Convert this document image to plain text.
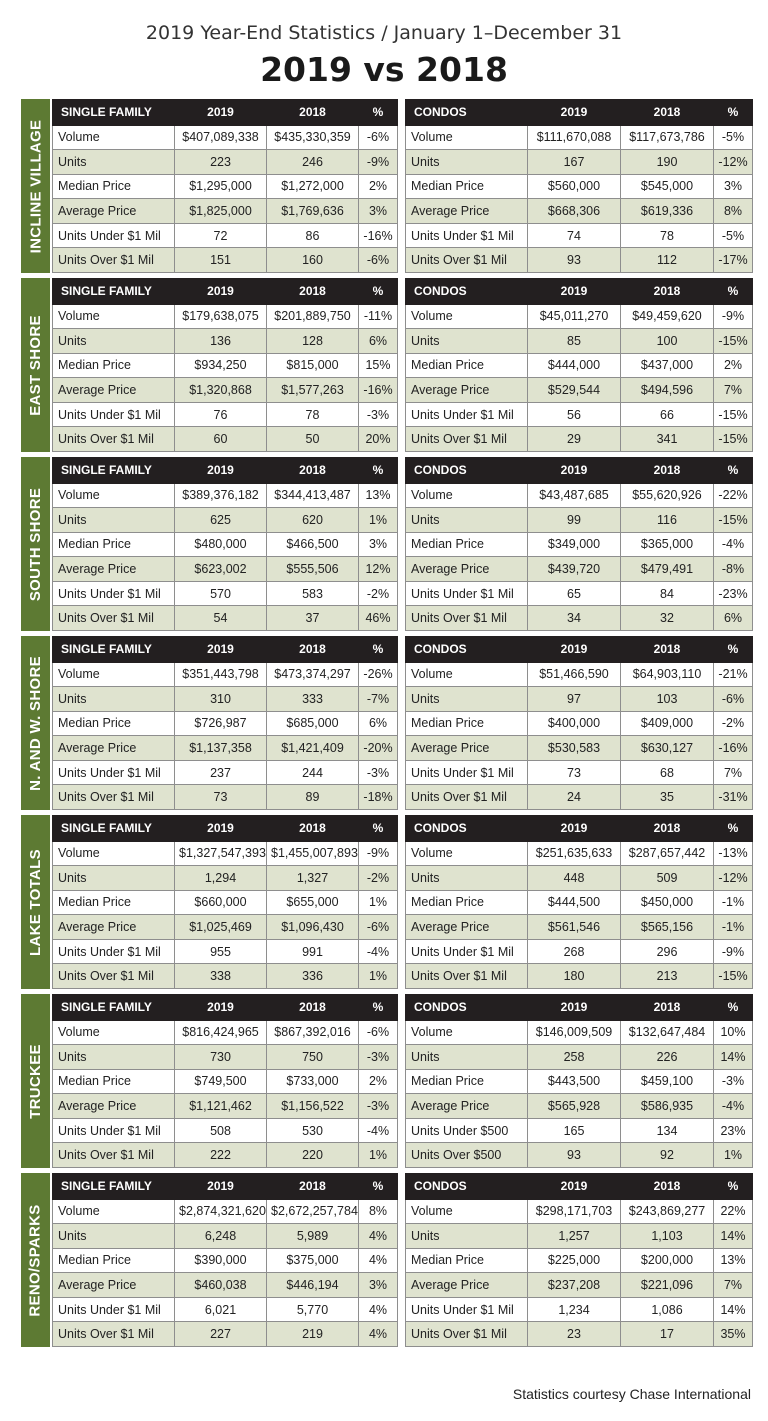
2019 Year-End Statistics / January 1–December 31
2019 vs 2018
INCLINE VILLAGE
SINGLE FAMILY	2019	2018	%
Volume	$407,089,338	$435,330,359	-6%
Units	223	246	-9%
Median Price	$1,295,000	$1,272,000	2%
Average Price	$1,825,000	$1,769,636	3%
Units Under $1 Mil	72	86	-16%
Units Over $1 Mil	151	160	-6%
CONDOS	2019	2018	%
Volume	$111,670,088	$117,673,786	-5%
Units	167	190	-12%
Median Price	$560,000	$545,000	3%
Average Price	$668,306	$619,336	8%
Units Under $1 Mil	74	78	-5%
Units Over $1 Mil	93	112	-17%
EAST SHORE
SINGLE FAMILY	2019	2018	%
Volume	$179,638,075	$201,889,750	-11%
Units	136	128	6%
Median Price	$934,250	$815,000	15%
Average Price	$1,320,868	$1,577,263	-16%
Units Under $1 Mil	76	78	-3%
Units Over $1 Mil	60	50	20%
CONDOS	2019	2018	%
Volume	$45,011,270	$49,459,620	-9%
Units	85	100	-15%
Median Price	$444,000	$437,000	2%
Average Price	$529,544	$494,596	7%
Units Under $1 Mil	56	66	-15%
Units Over $1 Mil	29	341	-15%
SOUTH SHORE
SINGLE FAMILY	2019	2018	%
Volume	$389,376,182	$344,413,487	13%
Units	625	620	1%
Median Price	$480,000	$466,500	3%
Average Price	$623,002	$555,506	12%
Units Under $1 Mil	570	583	-2%
Units Over $1 Mil	54	37	46%
CONDOS	2019	2018	%
Volume	$43,487,685	$55,620,926	-22%
Units	99	116	-15%
Median Price	$349,000	$365,000	-4%
Average Price	$439,720	$479,491	-8%
Units Under $1 Mil	65	84	-23%
Units Over $1 Mil	34	32	6%
N. AND W. SHORE
SINGLE FAMILY	2019	2018	%
Volume	$351,443,798	$473,374,297	-26%
Units	310	333	-7%
Median Price	$726,987	$685,000	6%
Average Price	$1,137,358	$1,421,409	-20%
Units Under $1 Mil	237	244	-3%
Units Over $1 Mil	73	89	-18%
CONDOS	2019	2018	%
Volume	$51,466,590	$64,903,110	-21%
Units	97	103	-6%
Median Price	$400,000	$409,000	-2%
Average Price	$530,583	$630,127	-16%
Units Under $1 Mil	73	68	7%
Units Over $1 Mil	24	35	-31%
LAKE TOTALS
SINGLE FAMILY	2019	2018	%
Volume	$1,327,547,393	$1,455,007,893	-9%
Units	1,294	1,327	-2%
Median Price	$660,000	$655,000	1%
Average Price	$1,025,469	$1,096,430	-6%
Units Under $1 Mil	955	991	-4%
Units Over $1 Mil	338	336	1%
CONDOS	2019	2018	%
Volume	$251,635,633	$287,657,442	-13%
Units	448	509	-12%
Median Price	$444,500	$450,000	-1%
Average Price	$561,546	$565,156	-1%
Units Under $1 Mil	268	296	-9%
Units Over $1 Mil	180	213	-15%
TRUCKEE
SINGLE FAMILY	2019	2018	%
Volume	$816,424,965	$867,392,016	-6%
Units	730	750	-3%
Median Price	$749,500	$733,000	2%
Average Price	$1,121,462	$1,156,522	-3%
Units Under $1 Mil	508	530	-4%
Units Over $1 Mil	222	220	1%
CONDOS	2019	2018	%
Volume	$146,009,509	$132,647,484	10%
Units	258	226	14%
Median Price	$443,500	$459,100	-3%
Average Price	$565,928	$586,935	-4%
Units Under $500	165	134	23%
Units Over $500	93	92	1%
RENO/SPARKS
SINGLE FAMILY	2019	2018	%
Volume	$2,874,321,620	$2,672,257,784	8%
Units	6,248	5,989	4%
Median Price	$390,000	$375,000	4%
Average Price	$460,038	$446,194	3%
Units Under $1 Mil	6,021	5,770	4%
Units Over $1 Mil	227	219	4%
CONDOS	2019	2018	%
Volume	$298,171,703	$243,869,277	22%
Units	1,257	1,103	14%
Median Price	$225,000	$200,000	13%
Average Price	$237,208	$221,096	7%
Units Under $1 Mil	1,234	1,086	14%
Units Over $1 Mil	23	17	35%
Statistics courtesy Chase International
